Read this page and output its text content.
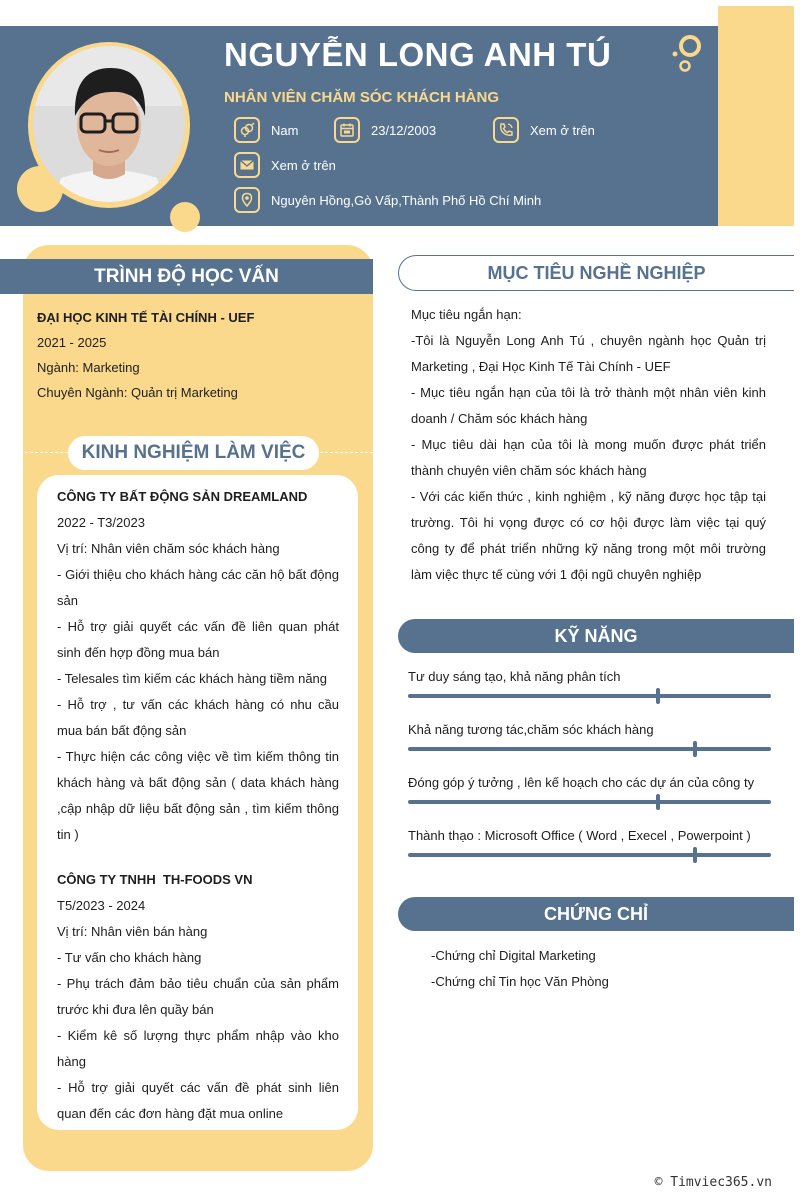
NGUYỄN LONG ANH TÚ
NHÂN VIÊN CHĂM SÓC KHÁCH HÀNG
Nam	23/12/2003	Xem ở trên
Xem ở trên
Nguyên Hồng,Gò Vấp,Thành Phố Hồ Chí Minh
TRÌNH ĐỘ HỌC VẤN
ĐẠI HỌC KINH TẾ TÀI CHÍNH - UEF
2021 - 2025
Ngành: Marketing
Chuyên Ngành: Quản trị Marketing
KINH NGHIỆM LÀM VIỆC
CÔNG TY BẤT ĐỘNG SẢN DREAMLAND
2022 - T3/2023
Vị trí: Nhân viên chăm sóc khách hàng
- Giới thiệu cho khách hàng các căn hộ bất động sản
- Hỗ trợ giải quyết các vấn đề liên quan phát sinh đến hợp đồng mua bán
- Telesales tìm kiếm các khách hàng tiềm năng
- Hỗ trợ , tư vấn các khách hàng có nhu cầu mua bán bất động sản
- Thực hiện các công việc về tìm kiếm thông tin khách hàng và bất động sản ( data khách hàng ,cập nhập dữ liệu bất động sản , tìm kiếm thông tin )
CÔNG TY TNHH  TH-FOODS VN
T5/2023 - 2024
Vị trí: Nhân viên bán hàng
- Tư vấn cho khách hàng
- Phụ trách đảm bảo tiêu chuẩn của sản phẩm trước khi đưa lên quầy bán
- Kiểm kê số lượng thực phẩm nhập vào kho hàng
- Hỗ trợ giải quyết các vấn đề phát sinh liên quan đến các đơn hàng đặt mua online
MỤC TIÊU NGHỀ NGHIỆP
Mục tiêu ngắn hạn:
-Tôi là Nguyễn Long Anh Tú , chuyên ngành học Quản trị Marketing , Đại Học Kinh Tế Tài Chính - UEF
- Mục tiêu ngắn hạn của tôi là trở thành một nhân viên kinh doanh / Chăm sóc khách hàng
- Mục tiêu dài hạn của tôi là mong muốn được phát triển thành chuyên viên chăm sóc khách hàng
- Với các kiến thức , kinh nghiệm , kỹ năng được học tập tại trường. Tôi hi vọng được có cơ hội được làm việc tại quý công ty để phát triển những kỹ năng trong một môi trường làm việc thực tế cùng với 1 đội ngũ chuyên nghiệp
KỸ NĂNG
Tư duy sáng tạo, khả năng phân tích
Khả năng tương tác,chăm sóc khách hàng
Đóng góp ý tưởng , lên kế hoạch cho các dự án của công ty
Thành thạo : Microsoft Office ( Word , Execel , Powerpoint )
CHỨNG CHỈ
-Chứng chỉ Digital Marketing
-Chứng chỉ Tin học Văn Phòng
© Timviec365.vn
